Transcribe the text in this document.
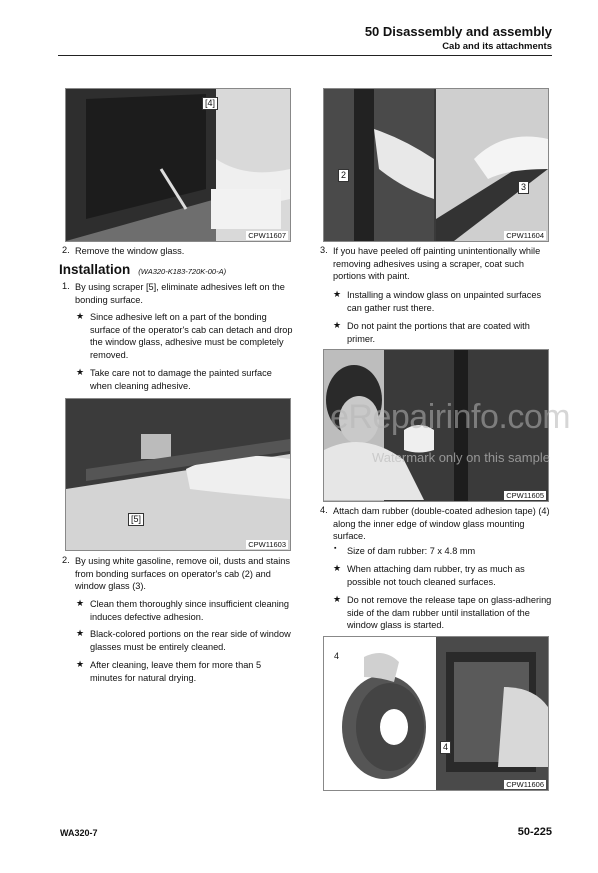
50 Disassembly and assembly
Cab and its attachments
[4]
CPW11607
2
3
CPW11604
2. Remove the window glass.
Installation (WA320-K183-720K-00-A)
1. By using scraper [5], eliminate adhesives left on the bonding surface.
★ Since adhesive left on a part of the bonding surface of the operator's cab can detach and drop the window glass, adhesive must be completely removed.
★ Take care not to damage the painted surface when cleaning adhesive.
[5]
CPW11603
2. By using white gasoline, remove oil, dusts and stains from bonding surfaces on operator's cab (2) and window glass (3).
★ Clean them thoroughly since insufficient cleaning induces defective adhesion.
★ Black-colored portions on the rear side of window glasses must be entirely cleaned.
★ After cleaning, leave them for more than 5 minutes for natural drying.
3. If you have peeled off painting unintentionally while removing adhesives using a scraper, coat such portions with paint.
★ Installing a window glass on unpainted surfaces can gather rust there.
★ Do not paint the portions that are coated with primer.
CPW11605
eRepairinfo.com
Watermark only on this sample
4. Attach dam rubber (double-coated adhesion tape) (4) along the inner edge of window glass mounting surface.
▪ Size of dam rubber: 7 x 4.8 mm
★ When attaching dam rubber, try as much as possible not touch cleaned surfaces.
★ Do not remove the release tape on glass-adhering side of the dam rubber until installation of the window glass is started.
4
4
CPW11606
WA320-7	50-225
